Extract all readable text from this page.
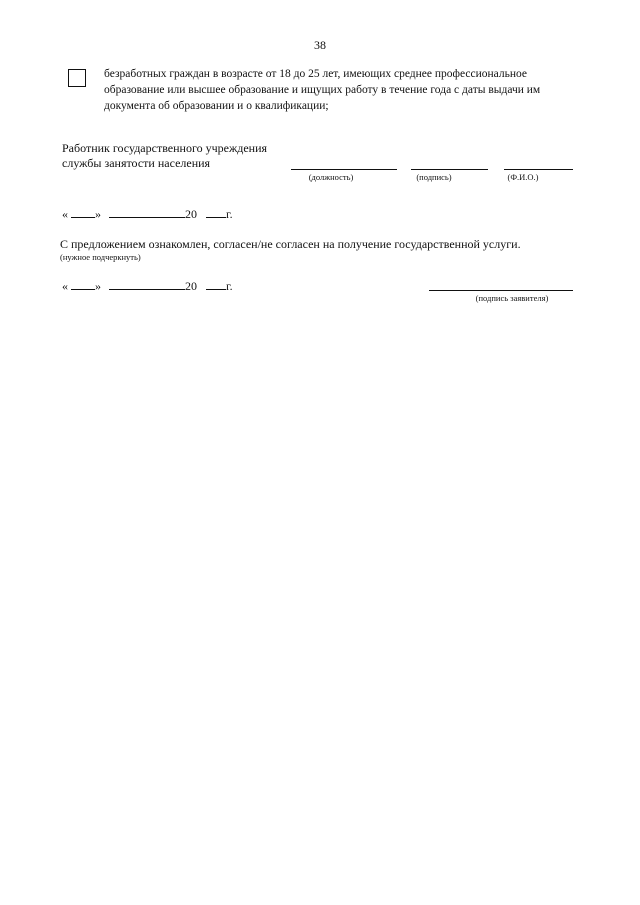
38
безработных граждан в возрасте от 18 до 25 лет, имеющих среднее профессиональное
образование или высшее образование и ищущих работу в течение года с даты выдачи им
документа об образовании и о квалификации;
Работник государственного учреждения
службы занятости населения
(должность)	(подпись)	(Ф.И.О.)
« »	20 г.
С предложением ознакомлен, согласен/не согласен на получение государственной услуги.
(нужное подчеркнуть)
« »	20 г.
(подпись заявителя)
